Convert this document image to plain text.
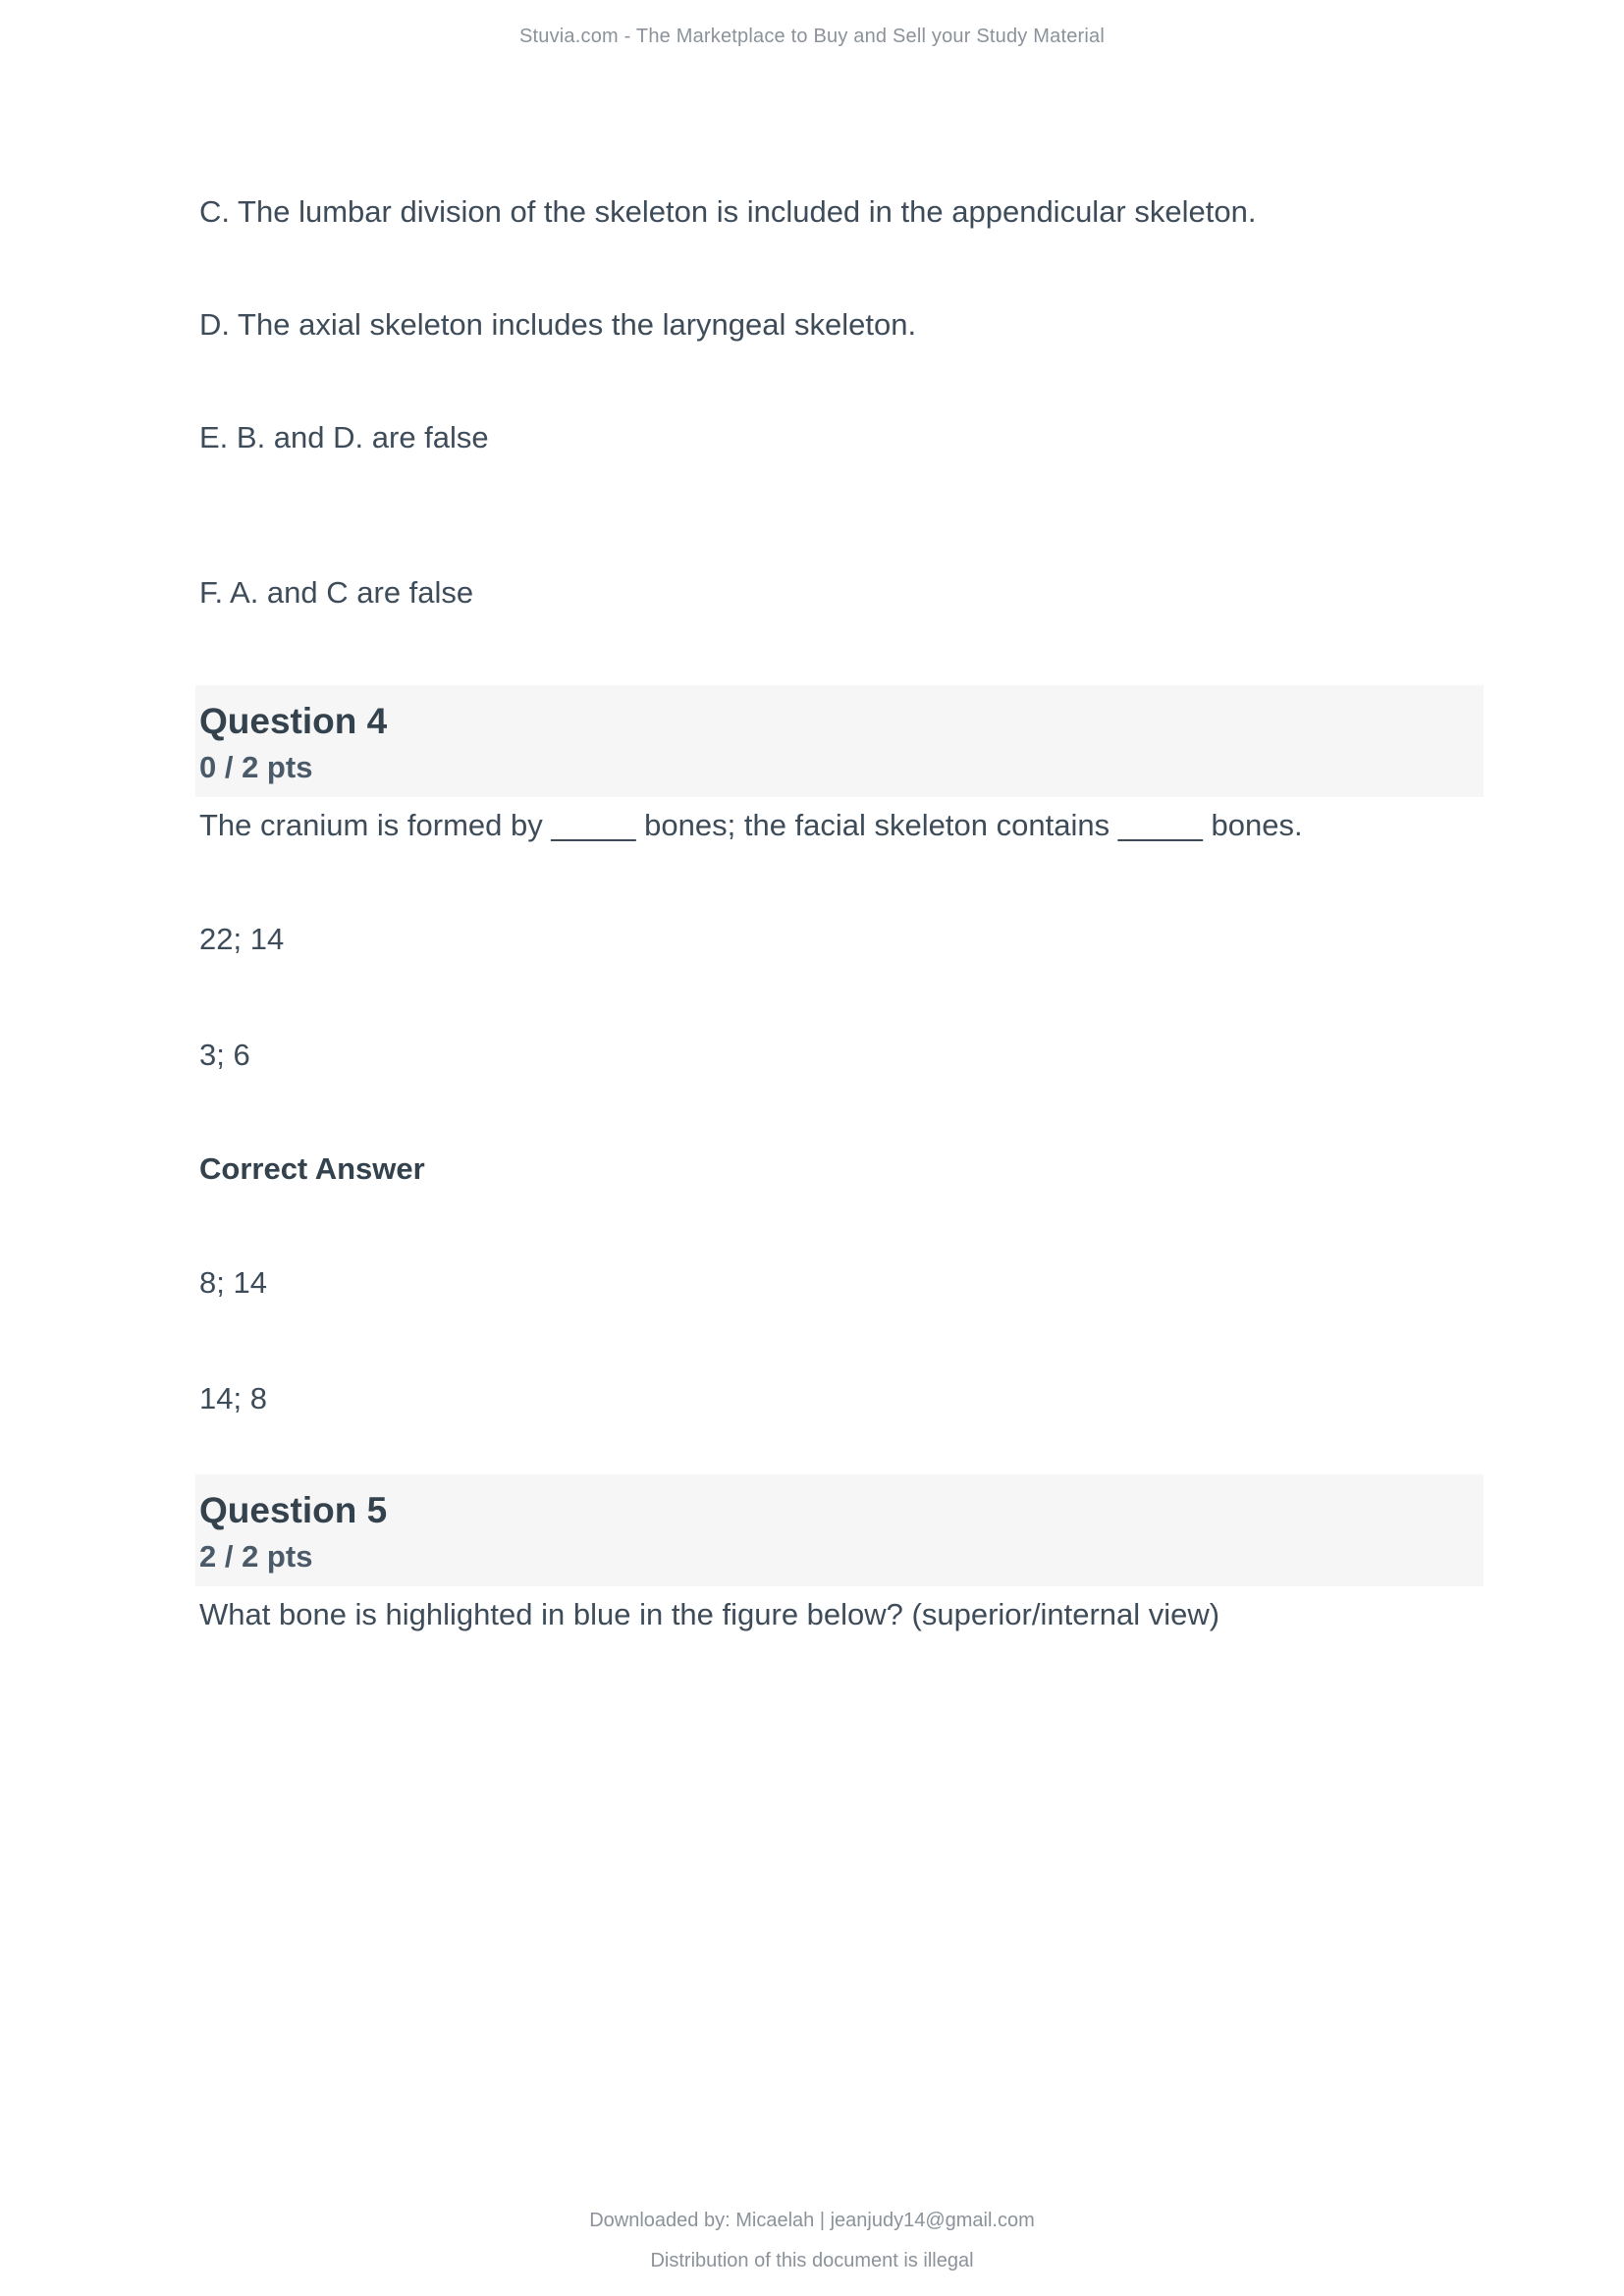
Stuvia.com - The Marketplace to Buy and Sell your Study Material

C. The lumbar division of the skeleton is included in the appendicular skeleton.

D. The axial skeleton includes the laryngeal skeleton.

E. B. and D. are false

F. A. and C are false

Question 4
0 / 2 pts

The cranium is formed by _____ bones; the facial skeleton contains _____ bones.

22; 14

3; 6

Correct Answer

8; 14

14; 8

Question 5
2 / 2 pts

What bone is highlighted in blue in the figure below? (superior/internal view)

Downloaded by: Micaelah | jeanjudy14@gmail.com
Distribution of this document is illegal
